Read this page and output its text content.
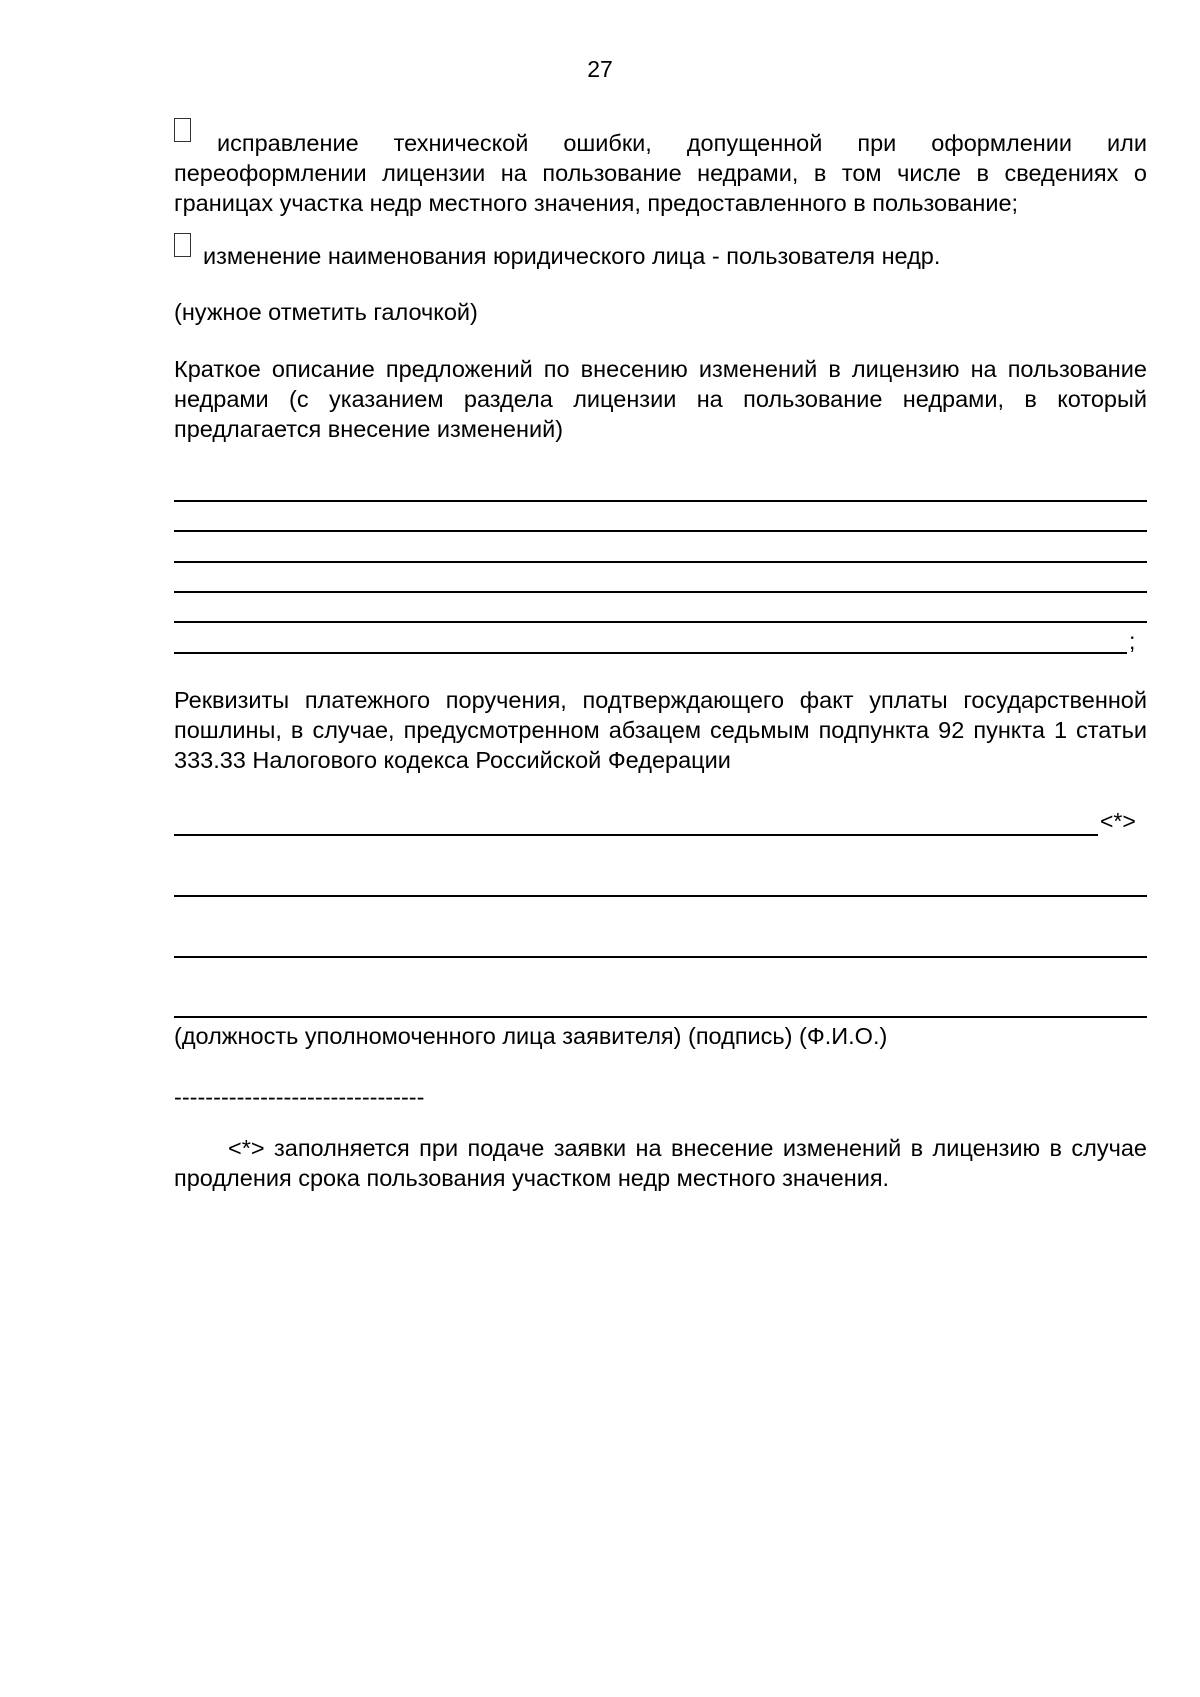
27
исправление технической ошибки, допущенной при оформлении или переоформлении лицензии на пользование недрами, в том числе в сведениях о границах участка недр местного значения, предоставленного в пользование;
изменение наименования юридического лица - пользователя недр.
(нужное отметить галочкой)
Краткое описание предложений по внесению изменений в лицензию на пользование недрами (с указанием раздела лицензии на пользование недрами, в который предлагается внесение изменений)
;
Реквизиты платежного поручения, подтверждающего факт уплаты государственной пошлины, в случае, предусмотренном абзацем седьмым подпункта 92 пункта 1 статьи 333.33 Налогового кодекса Российской Федерации
<*>
(должность уполномоченного лица заявителя) (подпись) (Ф.И.О.)
--------------------------------
<*> заполняется при подаче заявки на внесение изменений в лицензию в случае продления срока пользования участком недр местного значения.
